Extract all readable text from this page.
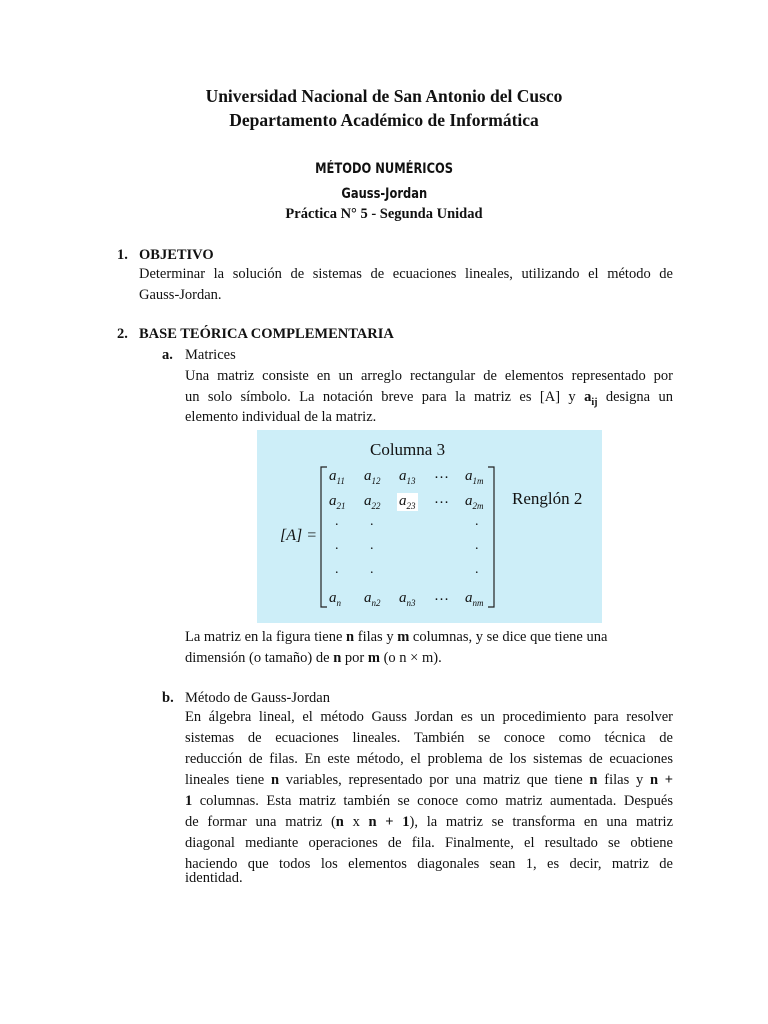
Universidad Nacional de San Antonio del Cusco
Departamento Académico de Informática
MÉTODO NUMÉRICOS
Gauss-Jordan
Práctica N° 5 - Segunda Unidad
1. OBJETIVO
Determinar la solución de sistemas de ecuaciones lineales, utilizando el método de
Gauss-Jordan.
2. BASE TEÓRICA COMPLEMENTARIA
a. Matrices
Una matriz consiste en un arreglo rectangular de elementos representado por
un solo símbolo. La notación breve para la matriz es [A] y $a_{ij}$ designa un
elemento individual de la matriz.
Columna 3
Renglón 2
[A] =
$a_{11}$ $a_{12}$ $a_{13}$ … $a_{1m}$
$a_{21}$ $a_{22}$ $a_{23}$ … $a_{2m}$
. .	.
. .	.
. .	.
$a_n$ $a_{n2}$ $a_{n3}$ … $a_{nm}$
La matriz en la figura tiene n filas y m columnas, y se dice que tiene una
dimensión (o tamaño) de n por m (o n × m).
b. Método de Gauss-Jordan
En álgebra lineal, el método Gauss Jordan es un procedimiento para resolver
sistemas de ecuaciones lineales. También se conoce como técnica de
reducción de filas. En este método, el problema de los sistemas de ecuaciones
lineales tiene n variables, representado por una matriz que tiene n filas y n +
1 columnas. Esta matriz también se conoce como matriz aumentada. Después
de formar una matriz (n x n + 1), la matriz se transforma en una matriz
diagonal mediante operaciones de fila. Finalmente, el resultado se obtiene
haciendo que todos los elementos diagonales sean 1, es decir, matriz de
identidad.
